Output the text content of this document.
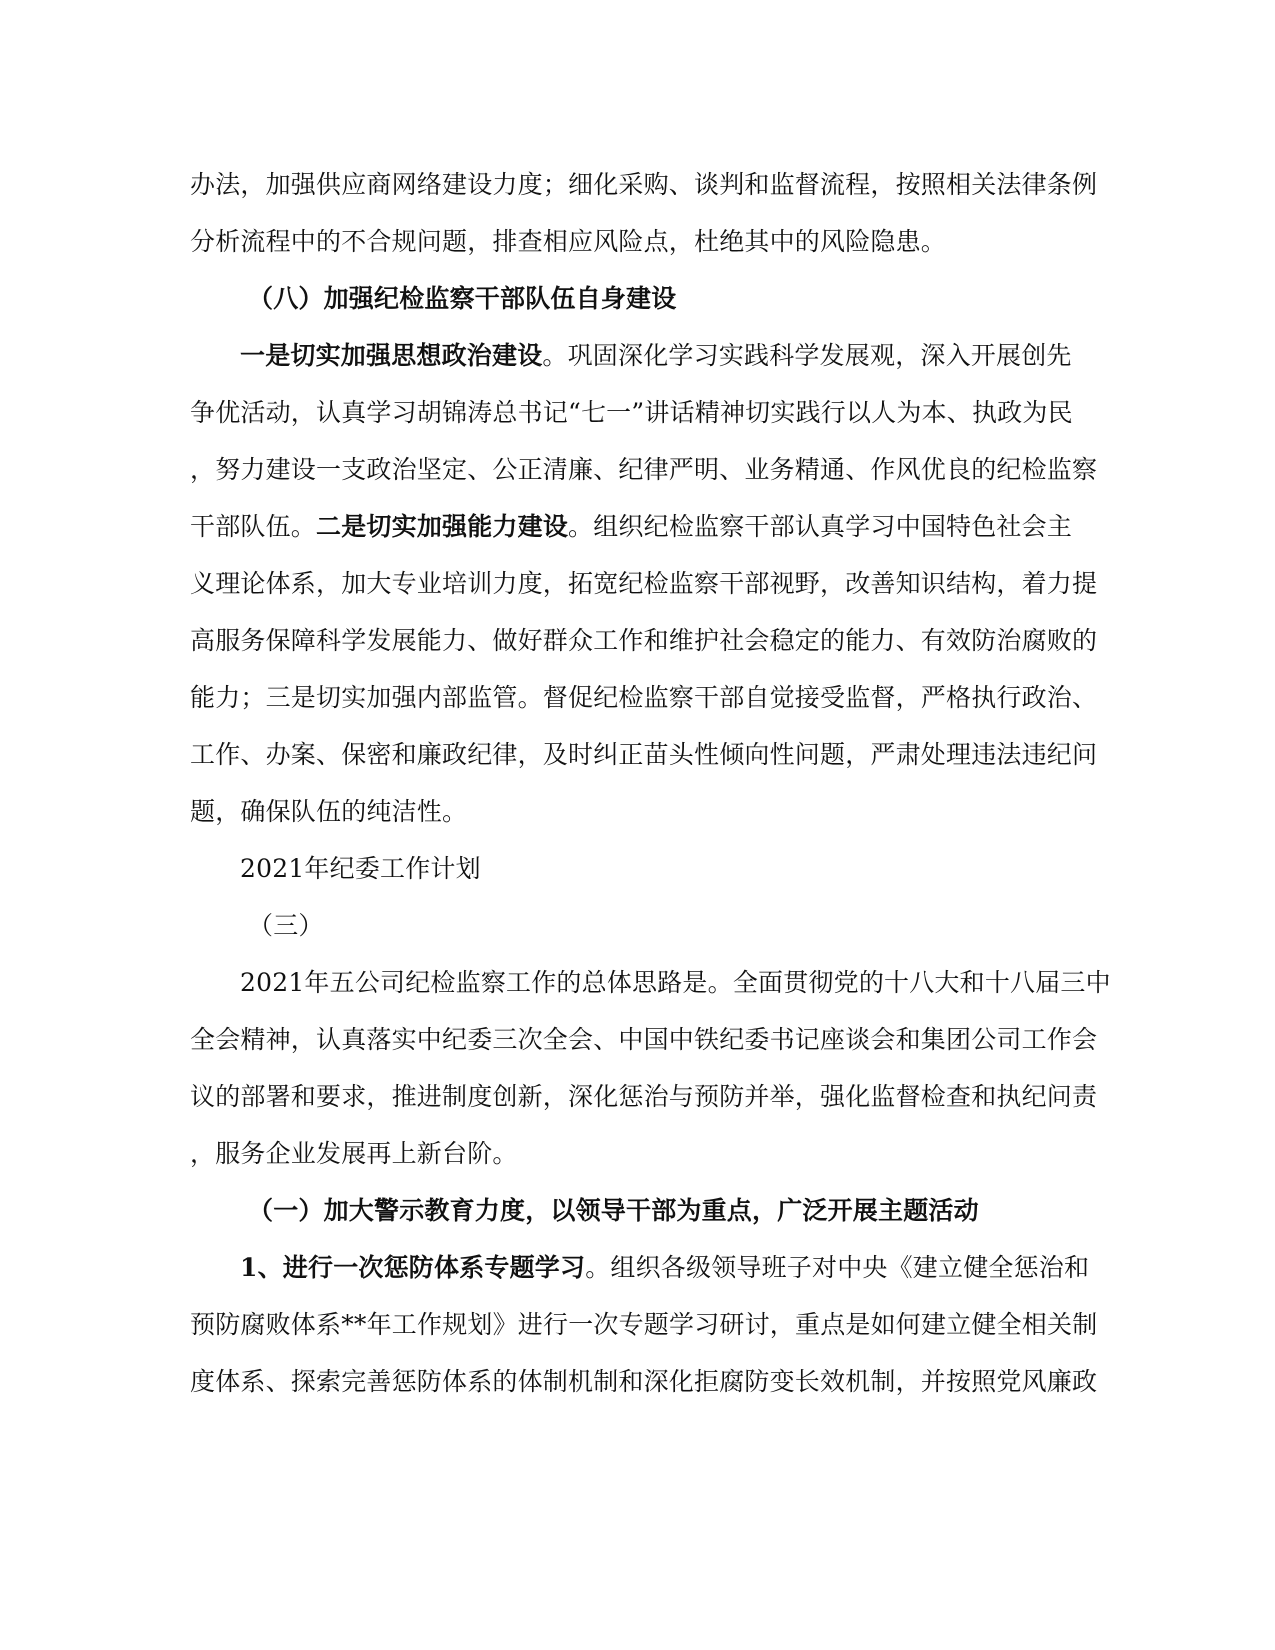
办法，加强供应商网络建设力度；细化采购、谈判和监督流程，按照相关法律条例
分析流程中的不合规问题，排查相应风险点，杜绝其中的风险隐患。
（八）加强纪检监察干部队伍自身建设
一是切实加强思想政治建设。巩固深化学习实践科学发展观，深入开展创先
争优活动，认真学习胡锦涛总书记“七一”讲话精神切实践行以人为本、执政为民
，努力建设一支政治坚定、公正清廉、纪律严明、业务精通、作风优良的纪检监察
干部队伍。二是切实加强能力建设。组织纪检监察干部认真学习中国特色社会主
义理论体系，加大专业培训力度，拓宽纪检监察干部视野，改善知识结构，着力提
高服务保障科学发展能力、做好群众工作和维护社会稳定的能力、有效防治腐败的
能力；三是切实加强内部监管。督促纪检监察干部自觉接受监督，严格执行政治、
工作、办案、保密和廉政纪律，及时纠正苗头性倾向性问题，严肃处理违法违纪问
题，确保队伍的纯洁性。
2021年纪委工作计划
（三）
2021年五公司纪检监察工作的总体思路是。全面贯彻党的十八大和十八届三中
全会精神，认真落实中纪委三次全会、中国中铁纪委书记座谈会和集团公司工作会
议的部署和要求，推进制度创新，深化惩治与预防并举，强化监督检查和执纪问责
，服务企业发展再上新台阶。
（一）加大警示教育力度，以领导干部为重点，广泛开展主题活动
1、进行一次惩防体系专题学习。组织各级领导班子对中央《建立健全惩治和
预防腐败体系**年工作规划》进行一次专题学习研讨，重点是如何建立健全相关制
度体系、探索完善惩防体系的体制机制和深化拒腐防变长效机制，并按照党风廉政
